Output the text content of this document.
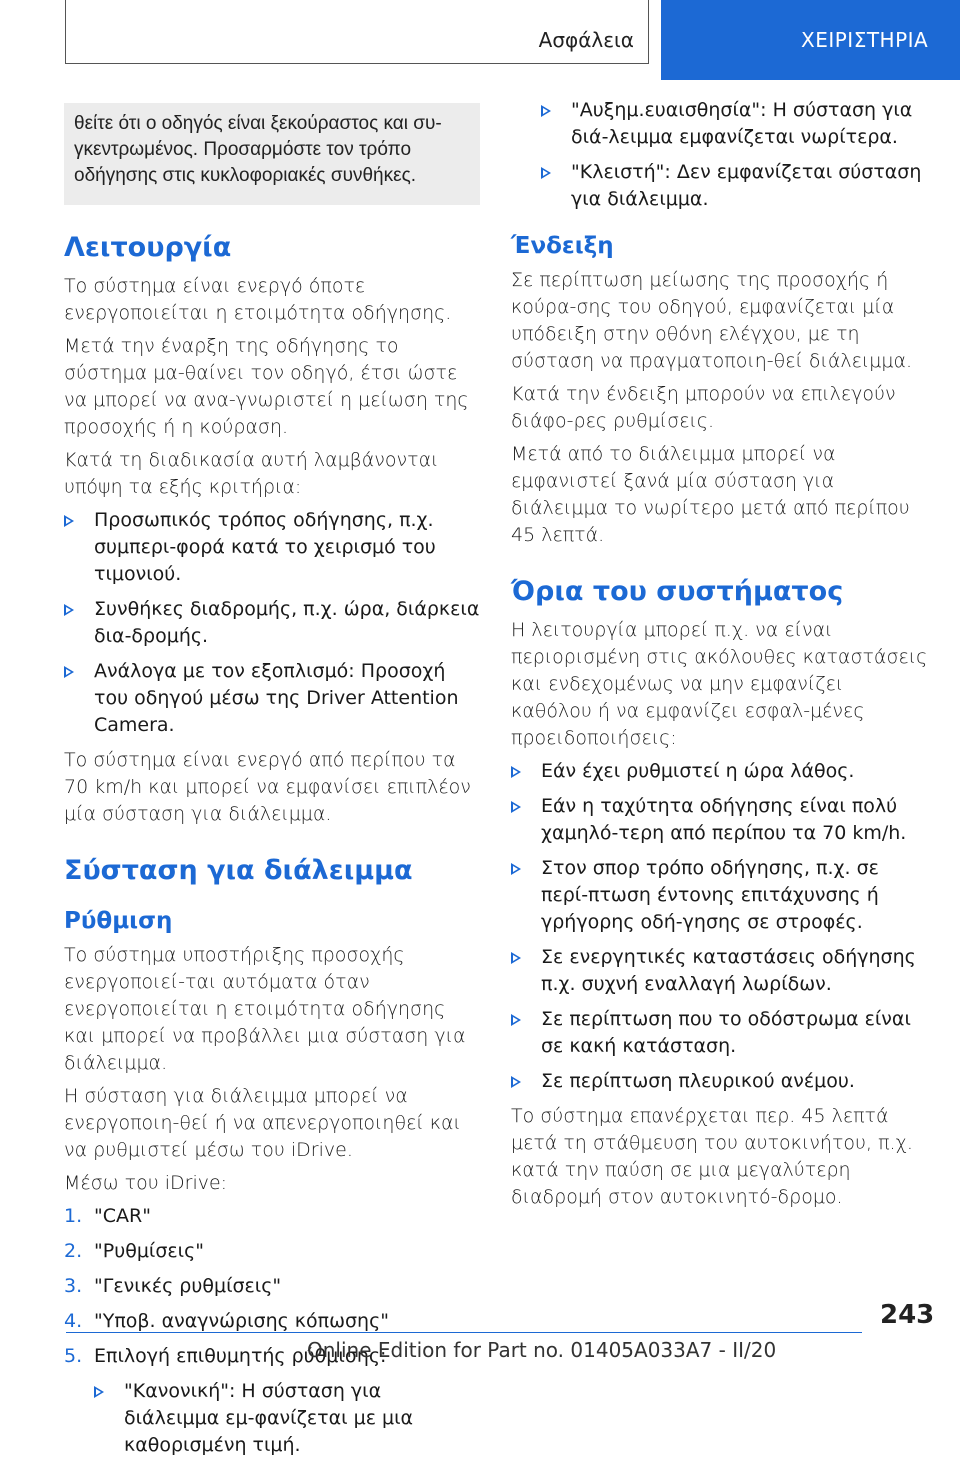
Ασφάλεια	ΧΕΙΡΙΣΤΗΡΙΑ
θείτε ότι ο οδηγός είναι ξεκούραστος και συ-γκεντρωμένος. Προσαρμόστε τον τρόπο οδήγησης στις κυκλοφοριακές συνθήκες.
Λειτουργία

Το σύστημα είναι ενεργό όποτε ενεργοποιείται η ετοιμότητα οδήγησης.

Μετά την έναρξη της οδήγησης το σύστημα μα-θαίνει τον οδηγό, έτσι ώστε να μπορεί να ανα-γνωριστεί η μείωση της προσοχής ή η κούραση.

Κατά τη διαδικασία αυτή λαμβάνονται υπόψη τα εξής κριτήρια:

Προσωπικός τρόπος οδήγησης, π.χ. συμπερι-φορά κατά το χειρισμό του τιμονιού.
Συνθήκες διαδρομής, π.χ. ώρα, διάρκεια δια-δρομής.
Ανάλογα με τον εξοπλισμό: Προσοχή του οδηγού μέσω της Driver Attention Camera.

Το σύστημα είναι ενεργό από περίπου τα 70 km/h και μπορεί να εμφανίσει επιπλέον μία σύσταση για διάλειμμα.

Σύσταση για διάλειμμα
Ρύθμιση

Το σύστημα υποστήριξης προσοχής ενεργοποιεί-ται αυτόματα όταν ενεργοποιείται η ετοιμότητα οδήγησης και μπορεί να προβάλλει μια σύσταση για διάλειμμα.

Η σύσταση για διάλειμμα μπορεί να ενεργοποιη-θεί ή να απενεργοποιηθεί και να ρυθμιστεί μέσω του iDrive.

Μέσω του iDrive:

1. "CAR"
2. "Ρυθμίσεις"
3. "Γενικές ρυθμίσεις"
4. "Υποβ. αναγνώρισης κόπωσης"
5. Επιλογή επιθυμητής ρύθμισης:
"Κανονική": Η σύσταση για διάλειμμα εμ-φανίζεται με μια καθορισμένη τιμή.
"Αυξημ.ευαισθησία": Η σύσταση για διά-λειμμα εμφανίζεται νωρίτερα.
"Κλειστή": Δεν εμφανίζεται σύσταση για διάλειμμα.
Ένδειξη

Σε περίπτωση μείωσης της προσοχής ή κούρα-σης του οδηγού, εμφανίζεται μία υπόδειξη στην οθόνη ελέγχου, με τη σύσταση να πραγματοποιη-θεί διάλειμμα.

Κατά την ένδειξη μπορούν να επιλεγούν διάφο-ρες ρυθμίσεις.

Μετά από το διάλειμμα μπορεί να εμφανιστεί ξανά μία σύσταση για διάλειμμα το νωρίτερο μετά από περίπου 45 λεπτά.

Όρια του συστήματος

Η λειτουργία μπορεί π.χ. να είναι περιορισμένη στις ακόλουθες καταστάσεις και ενδεχομένως να μην εμφανίζει καθόλου ή να εμφανίζει εσφαλ-μένες προειδοποιήσεις:

Εάν έχει ρυθμιστεί η ώρα λάθος.
Εάν η ταχύτητα οδήγησης είναι πολύ χαμηλό-τερη από περίπου τα 70 km/h.
Στον σπορ τρόπο οδήγησης, π.χ. σε περί-πτωση έντονης επιτάχυνσης ή γρήγορης οδή-γησης σε στροφές.
Σε ενεργητικές καταστάσεις οδήγησης π.χ. συχνή εναλλαγή λωρίδων.
Σε περίπτωση που το οδόστρωμα είναι σε κακή κατάσταση.
Σε περίπτωση πλευρικού ανέμου.

Το σύστημα επανέρχεται περ. 45 λεπτά μετά τη στάθμευση του αυτοκινήτου, π.χ. κατά την παύση σε μια μεγαλύτερη διαδρομή στον αυτοκινητό-δρομο.

243
Online Edition for Part no. 01405A033A7 - II/20
